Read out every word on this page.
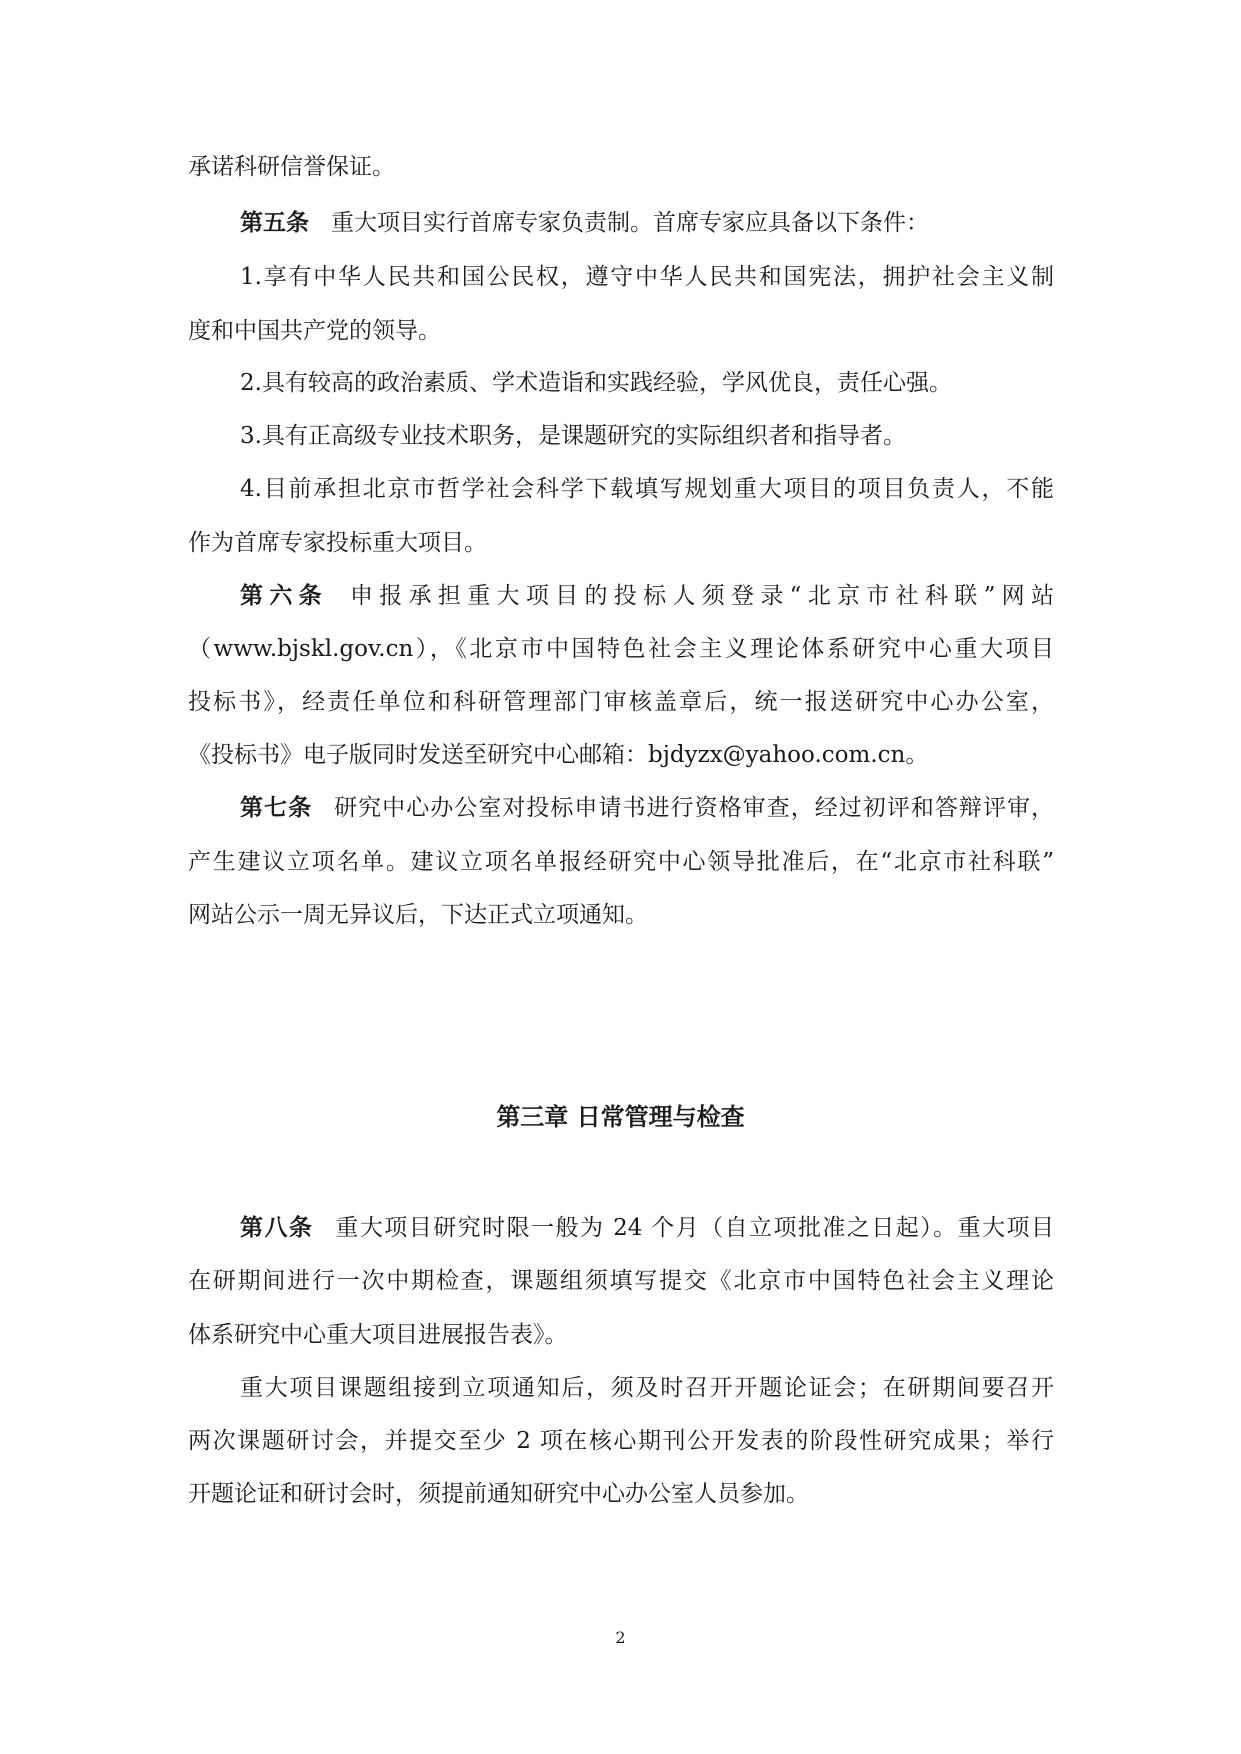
承诺科研信誉保证。
第五条 重大项目实行首席专家负责制。首席专家应具备以下条件：
1.享有中华人民共和国公民权，遵守中华人民共和国宪法，拥护社会主义制
度和中国共产党的领导。
2.具有较高的政治素质、学术造诣和实践经验，学风优良，责任心强。
3.具有正高级专业技术职务，是课题研究的实际组织者和指导者。
4.目前承担北京市哲学社会科学下载填写规划重大项目的项目负责人，不能
作为首席专家投标重大项目。
第六条 申报承担重大项目的投标人须登录“北京市社科联”网站
（www.bjskl.gov.cn），《北京市中国特色社会主义理论体系研究中心重大项目
投标书》，经责任单位和科研管理部门审核盖章后，统一报送研究中心办公室，
《投标书》电子版同时发送至研究中心邮箱：bjdyzx@yahoo.com.cn。
第七条 研究中心办公室对投标申请书进行资格审查，经过初评和答辩评审，
产生建议立项名单。建议立项名单报经研究中心领导批准后，在“北京市社科联”
网站公示一周无异议后，下达正式立项通知。
第三章 日常管理与检查
第八条 重大项目研究时限一般为 24 个月（自立项批准之日起）。重大项目
在研期间进行一次中期检查，课题组须填写提交《北京市中国特色社会主义理论
体系研究中心重大项目进展报告表》。
重大项目课题组接到立项通知后，须及时召开开题论证会；在研期间要召开
两次课题研讨会，并提交至少 2 项在核心期刊公开发表的阶段性研究成果；举行
开题论证和研讨会时，须提前通知研究中心办公室人员参加。
2
